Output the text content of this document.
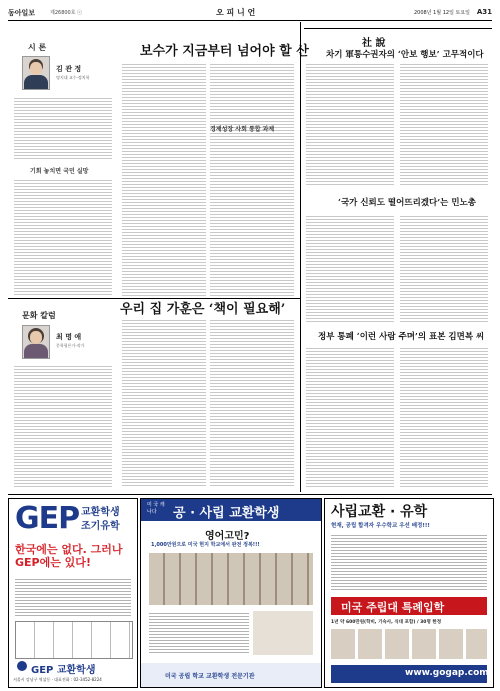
동아일보	제26800호 ⓒ	오 피 니 언	2008년 1월 12일 토요일 A31
시 론
김 관 정
명지대 교수·정치학
기회 놓치면 국민 실망
보수가 지금부터 넘어야 할 산
경제성장 사회 통합 과제
社 說
차기 軍통수권자의 ‘안보 행보’ 고무적이다
‘국가 신뢰도 떨어뜨리겠다’는 민노총
정부 통폐 ‘이런 사람 주며’의 표본 김면복 씨
문화 칼럼	우리 집 가훈은 ‘책이 필요해’
최 명 애
문학평론가·작가
GEP 교환학생
조기유학
한국에는 없다. 그러나 GEP에는 있다!
GEP 교환학생
서울시 강남구 역삼동 · 대표전화 : 02-3452-8224
미 국 캐나다	공 · 사립 교환학생
영어고민?
1,000만원으로 미국 현지 학교에서 완전 정복!!!
미국 공립 학교 교환학생 전문기관
사립교환 · 유학
현재, 공립 합격자 우수학교 우선 배정!!!
미국 주립대 특례입학
1년 약 600만원(학비, 기숙사, 식대 포함) / 30명 한정
www.gogap.com
